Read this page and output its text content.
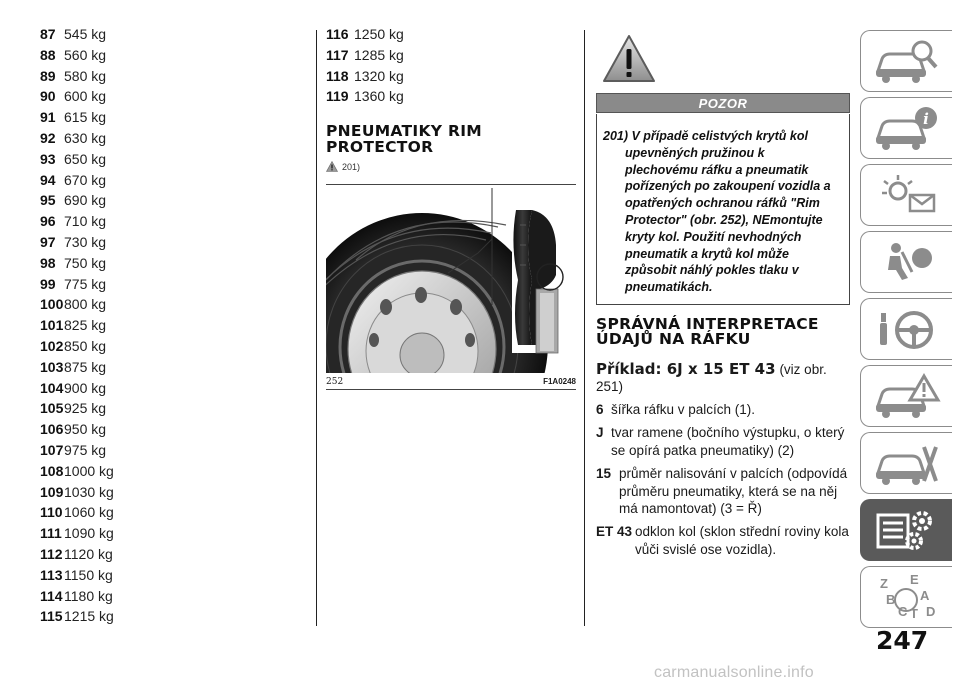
87 545 kg
88 560 kg
89 580 kg
90 600 kg
91 615 kg
92 630 kg
93 650 kg
94 670 kg
95 690 kg
96 710 kg
97 730 kg
98 750 kg
99 775 kg
100800 kg
101825 kg
102850 kg
103875 kg
104900 kg
105925 kg
106950 kg
107975 kg
1081000 kg
1091030 kg
1101060 kg
111 1090 kg
1121120 kg
1131150 kg
1141180 kg
1151215 kg
116 1250 kg
117 1285 kg
118 1320 kg
119 1360 kg
PNEUMATIKY RIM PROTECTOR
201)
252	F1A0248
POZOR

201) V případě celistvých krytů kol
upevněných pružinou k
plechovému ráfku a pneumatik
pořízených po zakoupení vozidla a
opatřených ochranou ráfků "Rim
Protector" (obr. 252), NEmontujte
kryty kol. Použití nevhodných
pneumatik a krytů kol může
způsobit náhlý pokles tlaku v
pneumatikách.

SPRÁVNÁ INTERPRETACE ÚDAJŮ NA RÁFKU

Příklad: 6J x 15 ET 43 (viz obr. 251)

6 šířka ráfku v palcích (1).
J tvar ramene (bočního výstupku, o který se opírá patka pneumatiky) (2)
15 průměr nalisování v palcích (odpovídá průměru pneumatiky, která se na něj má namontovat) (3 = Ř)
ET 43 odklon kol (sklon střední roviny kola vůči svislé ose vozidla).
i
Z E
A
B
C T D
247
carmanualsonline.info
